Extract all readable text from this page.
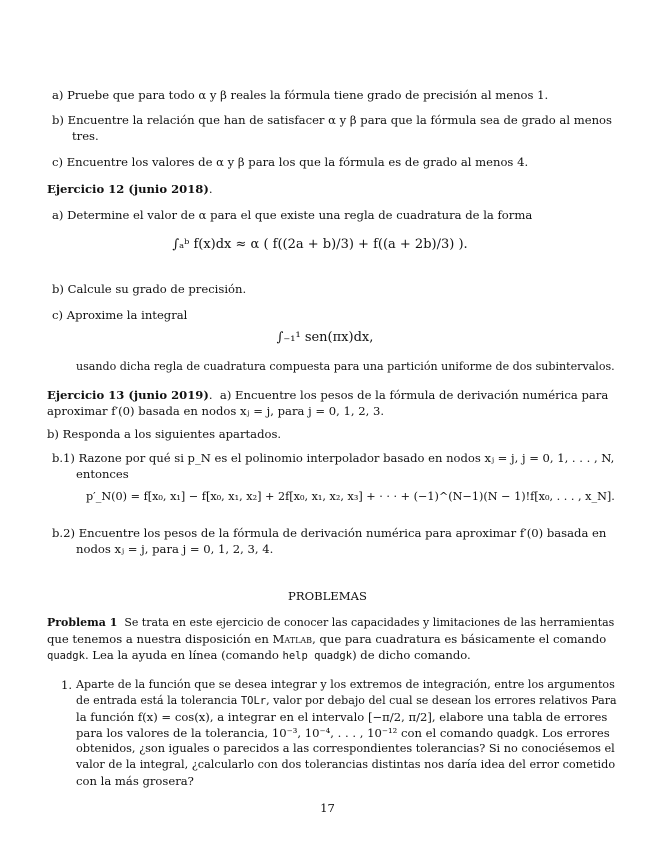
a) Pruebe que para todo α y β reales la fórmula tiene grado de precisión al menos 1.
b) Encuentre la relación que han de satisfacer α y β para que la fórmula sea de grado al menos
tres.
c) Encuentre los valores de α y β para los que la fórmula es de grado al menos 4.
Ejercicio 12 (junio 2018).
a) Determine el valor de α para el que existe una regla de cuadratura de la forma
∫ₐᵇ f(x)dx ≈ α ( f((2a + b)/3) + f((a + 2b)/3) ).
b) Calcule su grado de precisión.
c) Aproxime la integral
∫₋₁¹ sen(πx)dx,
usando dicha regla de cuadratura compuesta para una partición uniforme de dos subintervalos.
Ejercicio 13 (junio 2019). a) Encuentre los pesos de la fórmula de derivación numérica para
aproximar f′(0) basada en nodos xⱼ = j, para j = 0, 1, 2, 3.
b) Responda a los siguientes apartados.
b.1) Razone por qué si p_N es el polinomio interpolador basado en nodos xⱼ = j, j = 0, 1, . . . , N,
entonces
p′_N(0) = f[x₀, x₁] − f[x₀, x₁, x₂] + 2f[x₀, x₁, x₂, x₃] + · · · + (−1)^(N−1)(N − 1)!f[x₀, . . . , x_N].
b.2) Encuentre los pesos de la fórmula de derivación numérica para aproximar f′(0) basada en
nodos xⱼ = j, para j = 0, 1, 2, 3, 4.
PROBLEMAS
Problema 1 Se trata en este ejercicio de conocer las capacidades y limitaciones de las herramientas
que tenemos a nuestra disposición en Matlab, que para cuadratura es básicamente el comando
quadgk. Lea la ayuda en línea (comando help quadgk) de dicho comando.
1. Aparte de la función que se desea integrar y los extremos de integración, entre los argumentos
de entrada está la tolerancia TOLr, valor por debajo del cual se desean los errores relativos Para
la función f(x) = cos(x), a integrar en el intervalo [−π/2, π/2], elabore una tabla de errores
para los valores de la tolerancia, 10⁻³, 10⁻⁴, . . . , 10⁻¹² con el comando quadgk. Los errores
obtenidos, ¿son iguales o parecidos a las correspondientes tolerancias? Si no conociésemos el
valor de la integral, ¿calcularlo con dos tolerancias distintas nos daría idea del error cometido
con la más grosera?
17
